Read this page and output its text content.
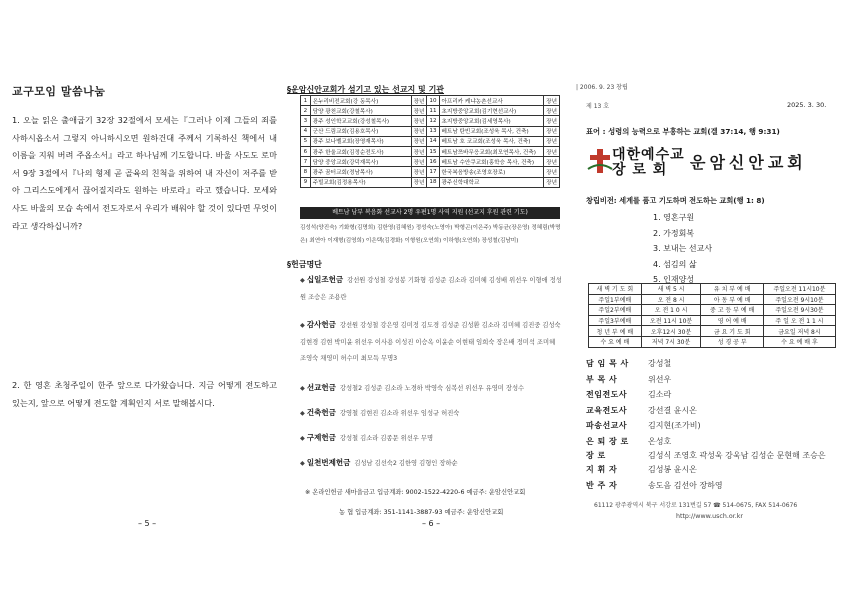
교구모임 말씀나눔
1. 오늘 읽은 출애굽기 32장 32절에서 모세는『그러나 이제 그들의 죄를 사하시옵소서 그렇지 아니하시오면 원하건대 주께서 기록하신 책에서 내 이름을 지워 버려 주옵소서』라고 하나님께 기도합니다. 바울 사도도 로마서 9장 3절에서『나의 형제 곧 골육의 친척을 위하여 내 자신이 저주를 받아 그리스도에게서 끊어질지라도 원하는 바로라』라고 했습니다. 모세와 사도 바울의 모습 속에서 전도자로서 우리가 배워야 할 것이 있다면 무엇이라고 생각하십니까?
2. 한 영혼 초청주일이 한주 앞으로 다가왔습니다. 지금 어떻게 전도하고 있는지, 앞으로 어떻게 전도할 계획인지 서로 말해봅시다.
– 5 –
§운암신안교회가 섬기고 있는 선교지 및 기관
1	온누리비전교회(강 동목사)	장년	10	아프리카 케냐농촌선교사	장년
2	담양 광천교회(강철목사)	장년	11	초지방중앙교회(김기현선교사)	장년
3	광주 성인학교교회(강성철목사)	장년	12	초지방중앙교회(김세영목사)	장년
4	군산 드림교회(김용호목사)	장년	13	베트남 탄빈교회(조성욱 목사, 건축)	장년
5	광주 보나벨교회(장영재목사)	장년	14	베트남 호 코교회(조성욱 목사, 건축)	장년
6	광주 한울교회(김정순전도사)	장년	15	베트남쯔바무응교회(최모연목사, 건축)	장년
7	담양 중앙교회(강덕재목사)	장년	16	베트남 수안쿠교회(홍학승 목사, 건축)	장년
8	광주 꿈터교회(정남목사)	장년	17	한국복음방송(조영호장로)	장년
9	주빌교회(김정용목사)	장년	18	광주신학대학교	장년
베트남 남부 복음화 선교사 2명 우편1명 사역 지원 (선교지 후원 관련 기도)
김성석(양진숙) 기화형(김명희) 김한영(김혜원) 정성숙(노영아) 박형곤(이은주) 박동균(장은영) 정혜림(박명은) 최연아 이재형(김영희) 이은택(김경화) 이형원(오연희) 이하형(오연희) 장성철(김남미)
§헌금명단
◆ 십일조헌금 강선원 강성철 강성봉 기화형 김성준 김소라 김미혜 김성배 위선우 이형애 정성원 조승은 조용란
◆ 감사헌금 강선원 강성철 강은영 김미정 김도경 김성준 김성환 김소라 김미혜 김진중 김성숙 김현경 김현 박미윤 위선우 이사용 이성진 이승옥 이윤순 이현태 임희숙 장은배 정미석 조미혜 조영숙 채영미 허수미 최모득 무명3
◆ 선교헌금 강성철2 김성준 김소라 노경하 박영숙 심복선 위선우 유영미 장성수
◆ 건축헌금 강영철 김현진 김소라 위선우 임성규 허진숙
◆ 구제헌금 강성철 김소라 김종문 위선우 무명
◆ 일천번제헌금 김성남 김선숙2 김한영 김형인 장하순
※ 온라인헌금 새마을금고 입금계좌: 9002-1522-4220-6 예금주: 운암신안교회
농 협 입금계좌: 351-1141-3887-93 예금주: 운암신안교회
– 6 –
| 2006. 9. 23 창립
제 13 호	2025. 3. 30.
표어 : 성령의 능력으로 부흥하는 교회(겔 37:14, 행 9:31)
대한예수교
장 로 회	운암신안교회
창립비전: 세계를 품고 기도하며 전도하는 교회(행 1: 8)
1. 영혼구원
2. 가정회복
3. 보내는 선교사
4. 섬김의 삶
5. 인재양성
새 벽 기 도 회	새 벽 5 시	유 치 부 예 배	주일오전 11시10분
주일1부예배	오 전 8 시	아 동 부 예 배	주일오전 9시10분
주일2부예배	오 전 1 0 시	중 고 등 부 예 배	주일오전 9시30분
주일3부예배	오전 11시 10분	영 어 예 배	주 일 오 전 1 1 시
청 년 부 예 배	오후12시 30분	금 요 기 도 회	금요일 저녁 8시
수 요 예 배	저녁 7시 30분	성 경 공 부	수 요 예 배 후
담 임 목 사	강성철
부 목 사	위선우
전임전도사	김소라
교육전도사	강선결 윤시온
파송선교사	김지현(조가비)
은 퇴 장 로	온성호
장 로	김성식 조영호 곽성욱 강욱남 김성순 문현해 조승은
지 휘 자	김성봉 윤시온
반 주 자	송도음 김선아 장하영
61112 광주광역시 북구 서강로 131번길 57 ☎ 514-0675, FAX 514-0676
http://www.usch.or.kr
